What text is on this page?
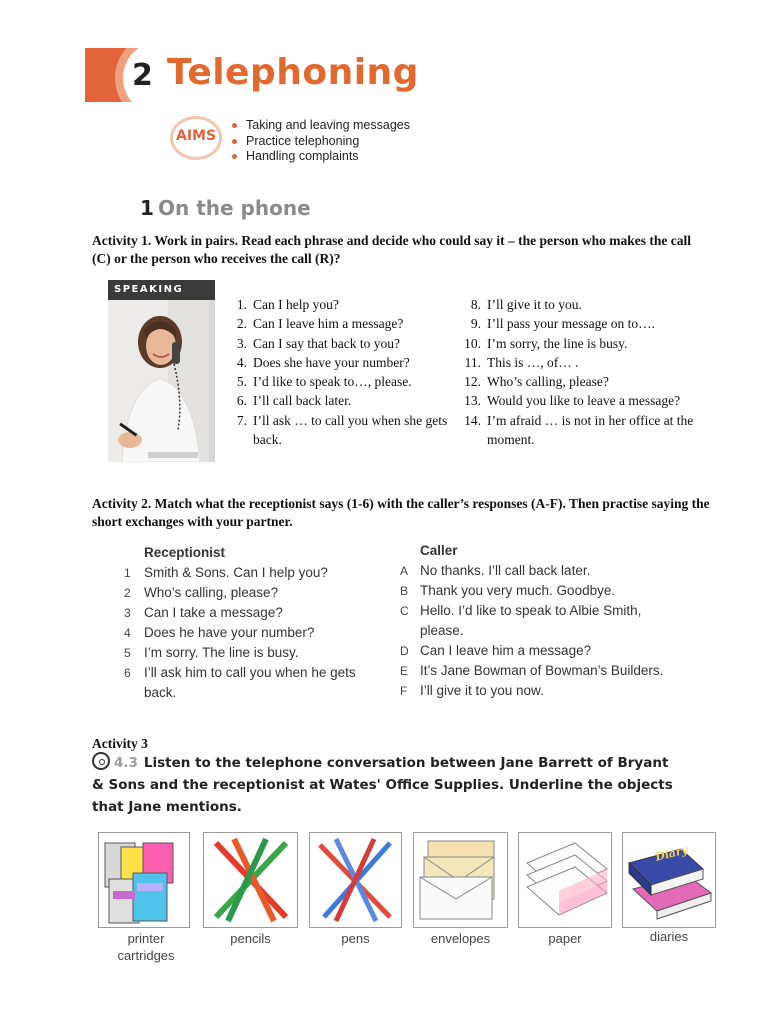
2 Telephoning
AIMS
Taking and leaving messages
Practice telephoning
Handling complaints
1 On the phone
Activity 1. Work in pairs. Read each phrase and decide who could say it – the person who makes the call (C) or the person who receives the call (R)?
SPEAKING
1. Can I help you?
2. Can I leave him a message?
3. Can I say that back to you?
4. Does she have your number?
5. I’d like to speak to…, please.
6. I’ll call back later.
7. I’ll ask … to call you when she gets back.
8. I’ll give it to you.
9. I’ll pass your message on to….
10. I’m sorry, the line is busy.
11. This is …, of… .
12. Who’s calling, please?
13. Would you like to leave a message?
14. I’m afraid … is not in her office at the moment.
Activity 2. Match what the receptionist says (1-6) with the caller’s responses (A-F). Then practise saying the short exchanges with your partner.
Receptionist
1 Smith & Sons. Can I help you?
2 Who’s calling, please?
3 Can I take a message?
4 Does he have your number?
5 I’m sorry. The line is busy.
6 I’ll ask him to call you when he gets back.
Caller
A No thanks. I’ll call back later.
B Thank you very much. Goodbye.
C Hello. I’d like to speak to Albie Smith, please.
D Can I leave him a message?
E It’s Jane Bowman of Bowman’s Builders.
F I’ll give it to you now.
Activity 3
4.3 Listen to the telephone conversation between Jane Barrett of Bryant & Sons and the receptionist at Wates' Office Supplies. Underline the objects that Jane mentions.
Diary
printer cartridges
pencils	pens	envelopes	paper	diaries
